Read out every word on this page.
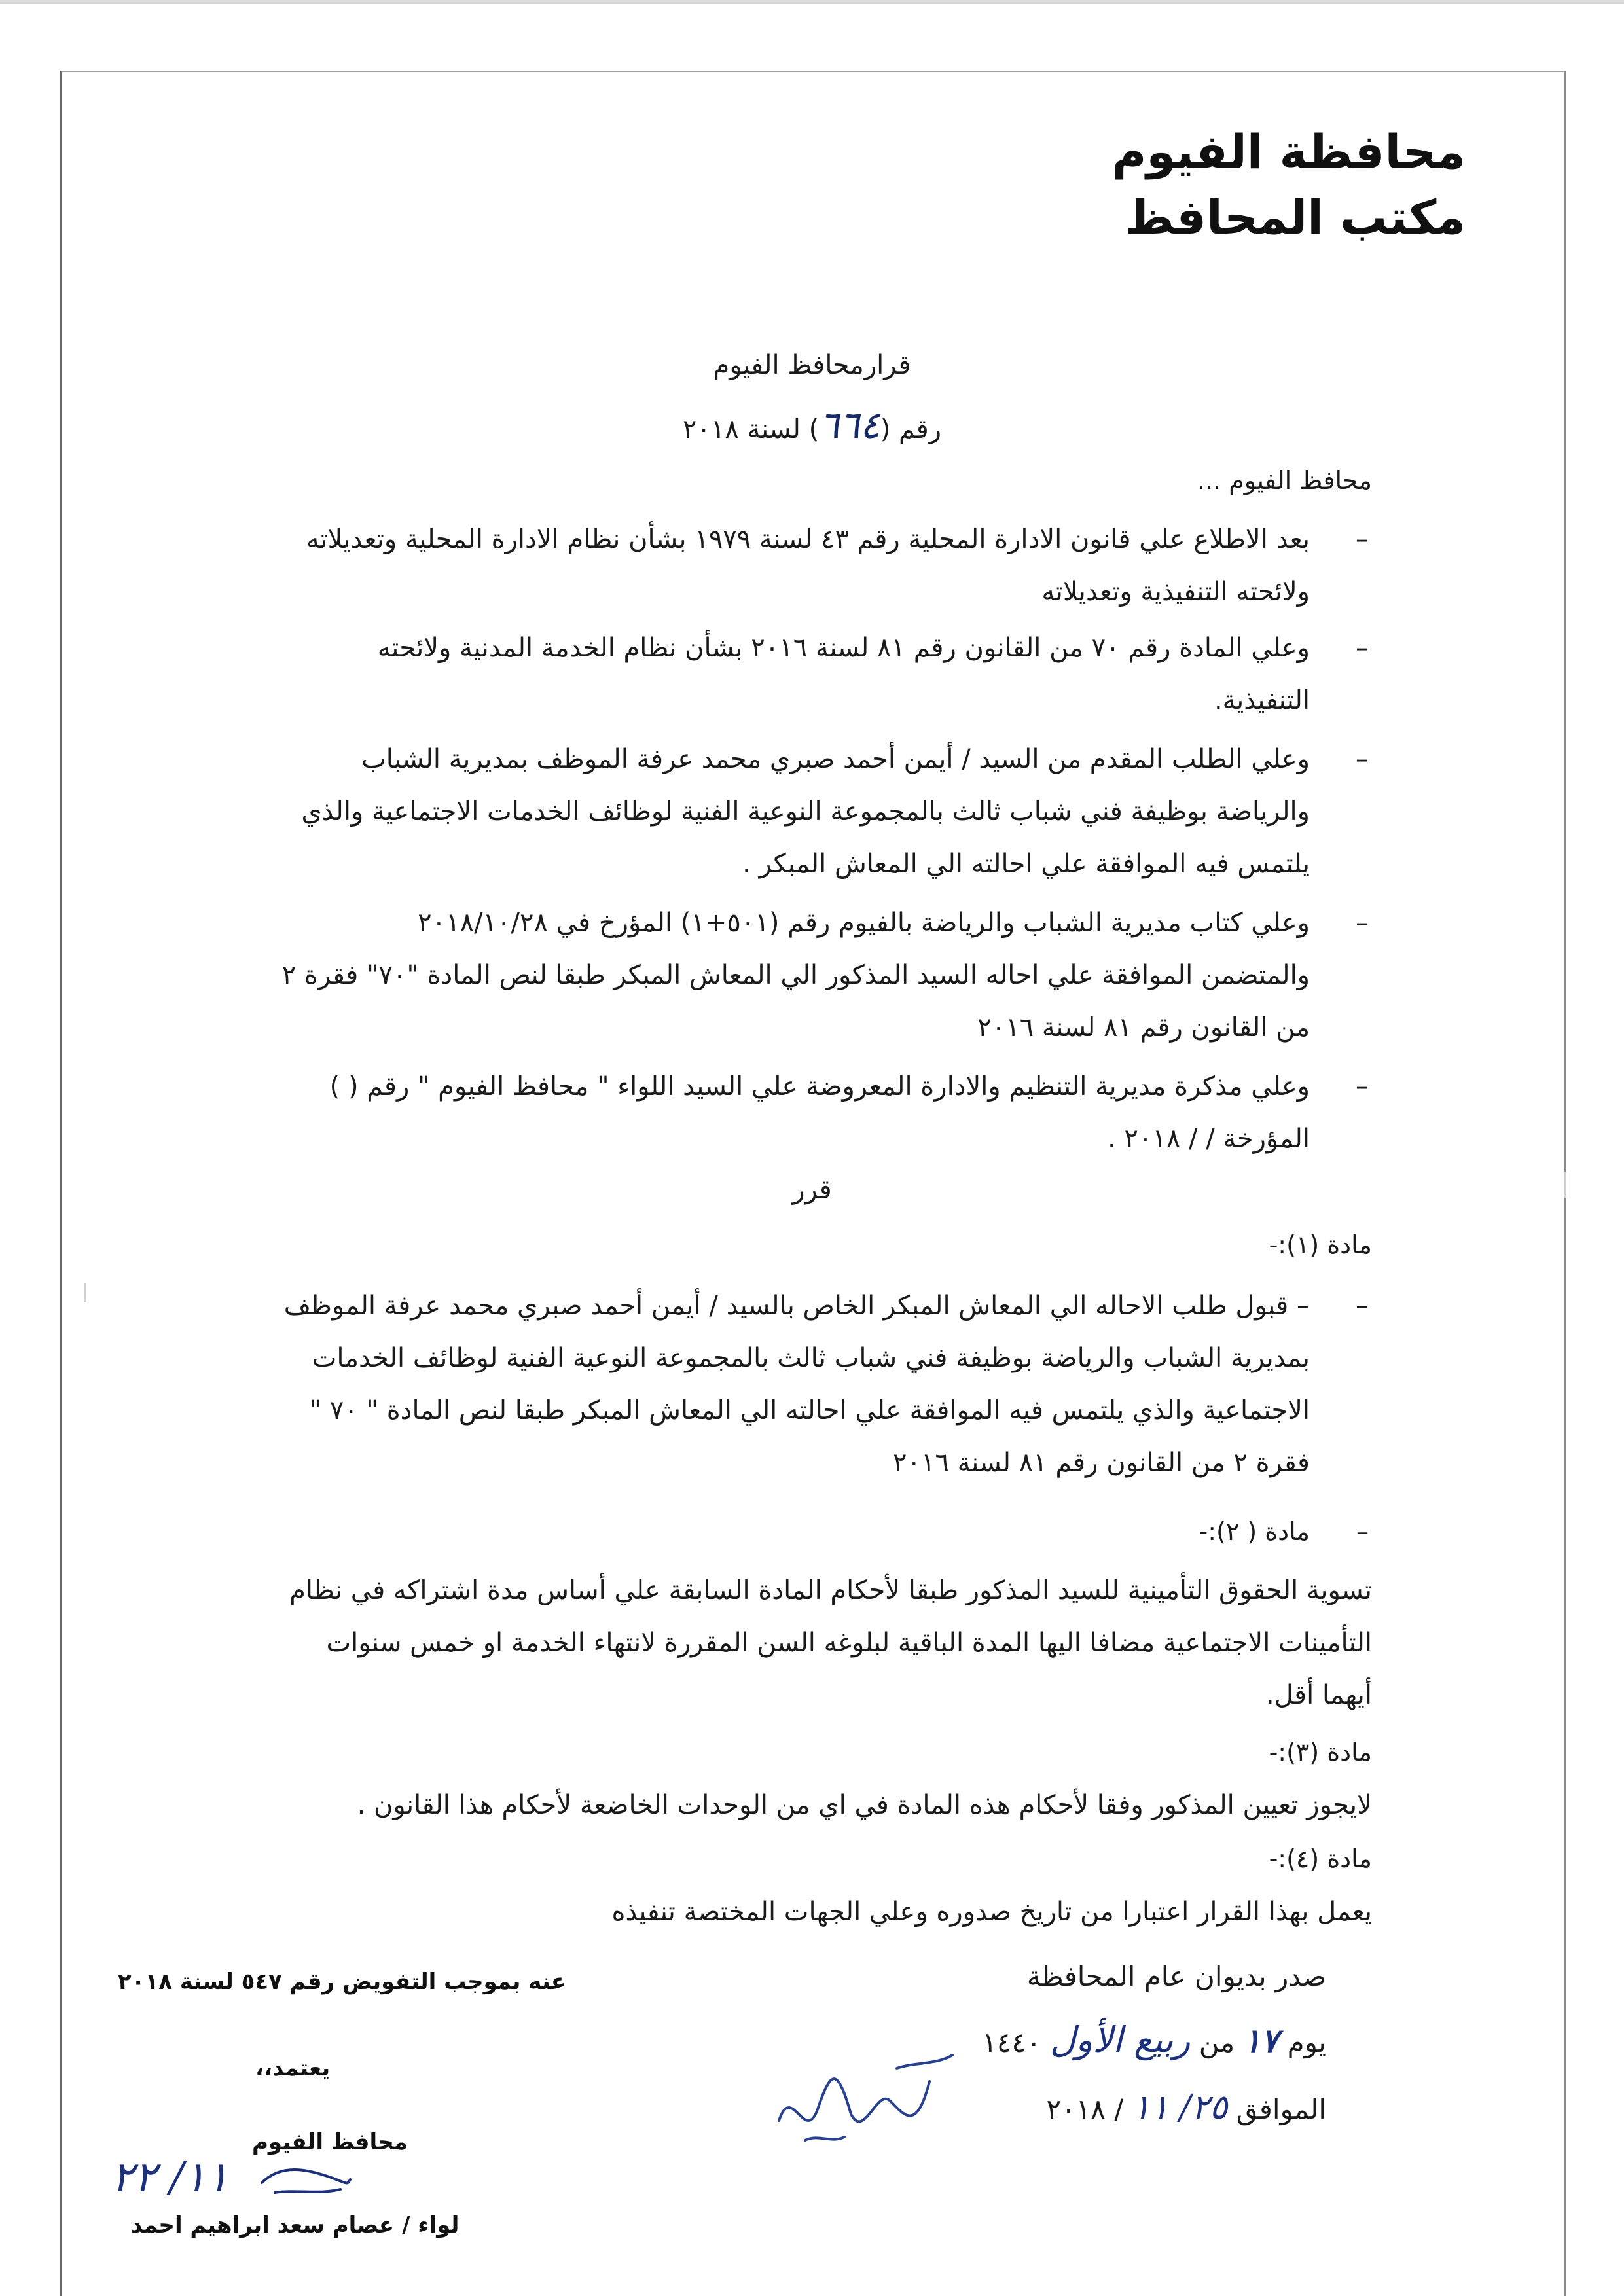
محافظة الفيوم
مكتب المحافظ
قرارمحافظ الفيوم
رقم (٦٦٤) لسنة ٢٠١٨
محافظ الفيوم ...
–
بعد الاطلاع علي قانون الادارة المحلية رقم ٤٣ لسنة ١٩٧٩ بشأن نظام الادارة المحلية وتعديلاته
ولائحته التنفيذية وتعديلاته
–
وعلي المادة رقم ٧٠ من القانون رقم ٨١ لسنة ٢٠١٦ بشأن نظام الخدمة المدنية ولائحته
التنفيذية.
–
وعلي الطلب المقدم من السيد / أيمن أحمد صبري محمد عرفة الموظف بمديرية الشباب
والرياضة بوظيفة فني شباب ثالث بالمجموعة النوعية الفنية لوظائف الخدمات الاجتماعية والذي
يلتمس فيه الموافقة علي احالته الي المعاش المبكر .
–
وعلي كتاب مديرية الشباب والرياضة بالفيوم رقم (٥٠١+١) المؤرخ في ٢٠١٨/١٠/٢٨
والمتضمن الموافقة علي احاله السيد المذكور الي المعاش المبكر طبقا لنص المادة "٧٠" فقرة ٢
من القانون رقم ٨١ لسنة ٢٠١٦
–
وعلي مذكرة مديرية التنظيم والادارة المعروضة علي السيد اللواء " محافظ الفيوم " رقم ( )
المؤرخة / / ٢٠١٨ .
قرر
مادة (١):-
–
– قبول طلب الاحاله الي المعاش المبكر الخاص بالسيد / أيمن أحمد صبري محمد عرفة الموظف
بمديرية الشباب والرياضة بوظيفة فني شباب ثالث بالمجموعة النوعية الفنية لوظائف الخدمات
الاجتماعية والذي يلتمس فيه الموافقة علي احالته الي المعاش المبكر طبقا لنص المادة " ٧٠ "
فقرة ٢ من القانون رقم ٨١ لسنة ٢٠١٦
مادة ( ٢):- –
تسوية الحقوق التأمينية للسيد المذكور طبقا لأحكام المادة السابقة علي أساس مدة اشتراكه في نظام
التأمينات الاجتماعية مضافا اليها المدة الباقية لبلوغه السن المقررة لانتهاء الخدمة او خمس سنوات
أيهما أقل.
مادة (٣):-
لايجوز تعيين المذكور وفقا لأحكام هذه المادة في اي من الوحدات الخاضعة لأحكام هذا القانون .
مادة (٤):-
يعمل بهذا القرار اعتبارا من تاريخ صدوره وعلي الجهات المختصة تنفيذه
صدر بديوان عام المحافظة
يوم ١٧ من ربيع الأول ١٤٤٠
الموافق ٢٥/ ١١ / ٢٠١٨
عنه بموجب التفويض رقم ٥٤٧ لسنة ٢٠١٨
يعتمد،،
محافظ الفيوم
١١/ ٢٢
لواء / عصام سعد ابراهيم احمد
